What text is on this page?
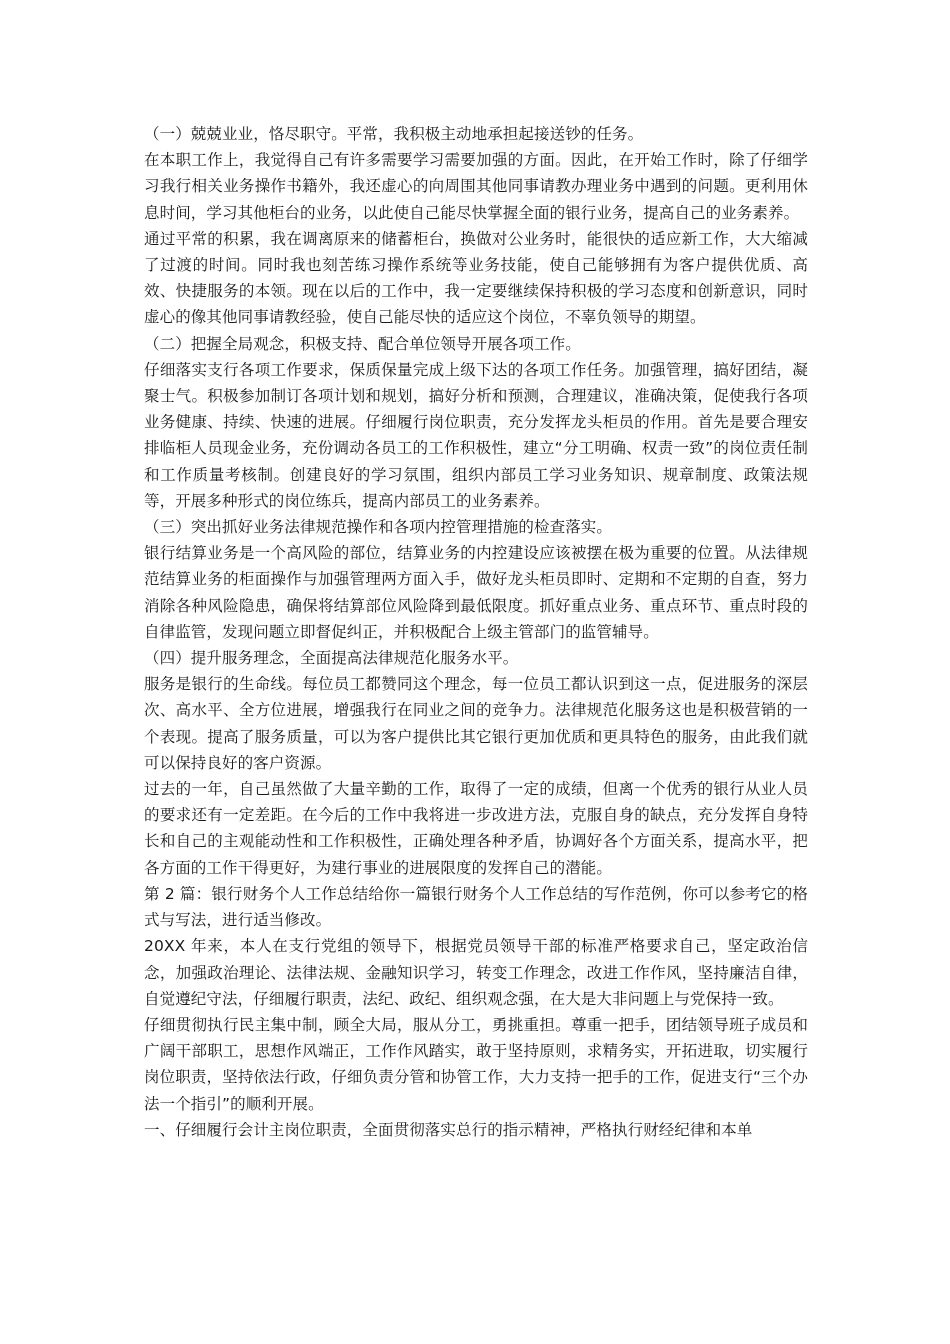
（一）兢兢业业，恪尽职守。平常，我积极主动地承担起接送钞的任务。

在本职工作上，我觉得自己有许多需要学习需要加强的方面。因此，在开始工作时，除了仔细学习我行相关业务操作书籍外，我还虚心的向周围其他同事请教办理业务中遇到的问题。更利用休息时间，学习其他柜台的业务，以此使自己能尽快掌握全面的银行业务，提高自己的业务素养。

通过平常的积累，我在调离原来的储蓄柜台，换做对公业务时，能很快的适应新工作，大大缩减了过渡的时间。同时我也刻苦练习操作系统等业务技能，使自己能够拥有为客户提供优质、高效、快捷服务的本领。现在以后的工作中，我一定要继续保持积极的学习态度和创新意识，同时虚心的像其他同事请教经验，使自己能尽快的适应这个岗位，不辜负领导的期望。

（二）把握全局观念，积极支持、配合单位领导开展各项工作。

仔细落实支行各项工作要求，保质保量完成上级下达的各项工作任务。加强管理，搞好团结，凝聚士气。积极参加制订各项计划和规划，搞好分析和预测，合理建议，准确决策，促使我行各项业务健康、持续、快速的进展。仔细履行岗位职责，充分发挥龙头柜员的作用。首先是要合理安排临柜人员现金业务，充份调动各员工的工作积极性，建立“分工明确、权责一致”的岗位责任制和工作质量考核制。创建良好的学习氛围，组织内部员工学习业务知识、规章制度、政策法规等，开展多种形式的岗位练兵，提高内部员工的业务素养。

（三）突出抓好业务法律规范操作和各项内控管理措施的检查落实。

银行结算业务是一个高风险的部位，结算业务的内控建设应该被摆在极为重要的位置。从法律规范结算业务的柜面操作与加强管理两方面入手，做好龙头柜员即时、定期和不定期的自查，努力消除各种风险隐患，确保将结算部位风险降到最低限度。抓好重点业务、重点环节、重点时段的自律监管，发现问题立即督促纠正，并积极配合上级主管部门的监管辅导。

（四）提升服务理念，全面提高法律规范化服务水平。

服务是银行的生命线。每位员工都赞同这个理念，每一位员工都认识到这一点，促进服务的深层次、高水平、全方位进展，增强我行在同业之间的竞争力。法律规范化服务这也是积极营销的一个表现。提高了服务质量，可以为客户提供比其它银行更加优质和更具特色的服务，由此我们就可以保持良好的客户资源。

过去的一年，自己虽然做了大量辛勤的工作，取得了一定的成绩，但离一个优秀的银行从业人员的要求还有一定差距。在今后的工作中我将进一步改进方法，克服自身的缺点，充分发挥自身特长和自己的主观能动性和工作积极性，正确处理各种矛盾，协调好各个方面关系，提高水平，把各方面的工作干得更好，为建行事业的进展限度的发挥自己的潜能。

第 2 篇：银行财务个人工作总结给你一篇银行财务个人工作总结的写作范例，你可以参考它的格式与写法，进行适当修改。

20XX 年来，本人在支行党组的领导下，根据党员领导干部的标准严格要求自己，坚定政治信念，加强政治理论、法律法规、金融知识学习，转变工作理念，改进工作作风，坚持廉洁自律，自觉遵纪守法，仔细履行职责，法纪、政纪、组织观念强，在大是大非问题上与党保持一致。

仔细贯彻执行民主集中制，顾全大局，服从分工，勇挑重担。尊重一把手，团结领导班子成员和广阔干部职工，思想作风端正，工作作风踏实，敢于坚持原则，求精务实，开拓进取，切实履行岗位职责，坚持依法行政，仔细负责分管和协管工作，大力支持一把手的工作，促进支行“三个办法一个指引”的顺利开展。

一、仔细履行会计主岗位职责，全面贯彻落实总行的指示精神，严格执行财经纪律和本单
